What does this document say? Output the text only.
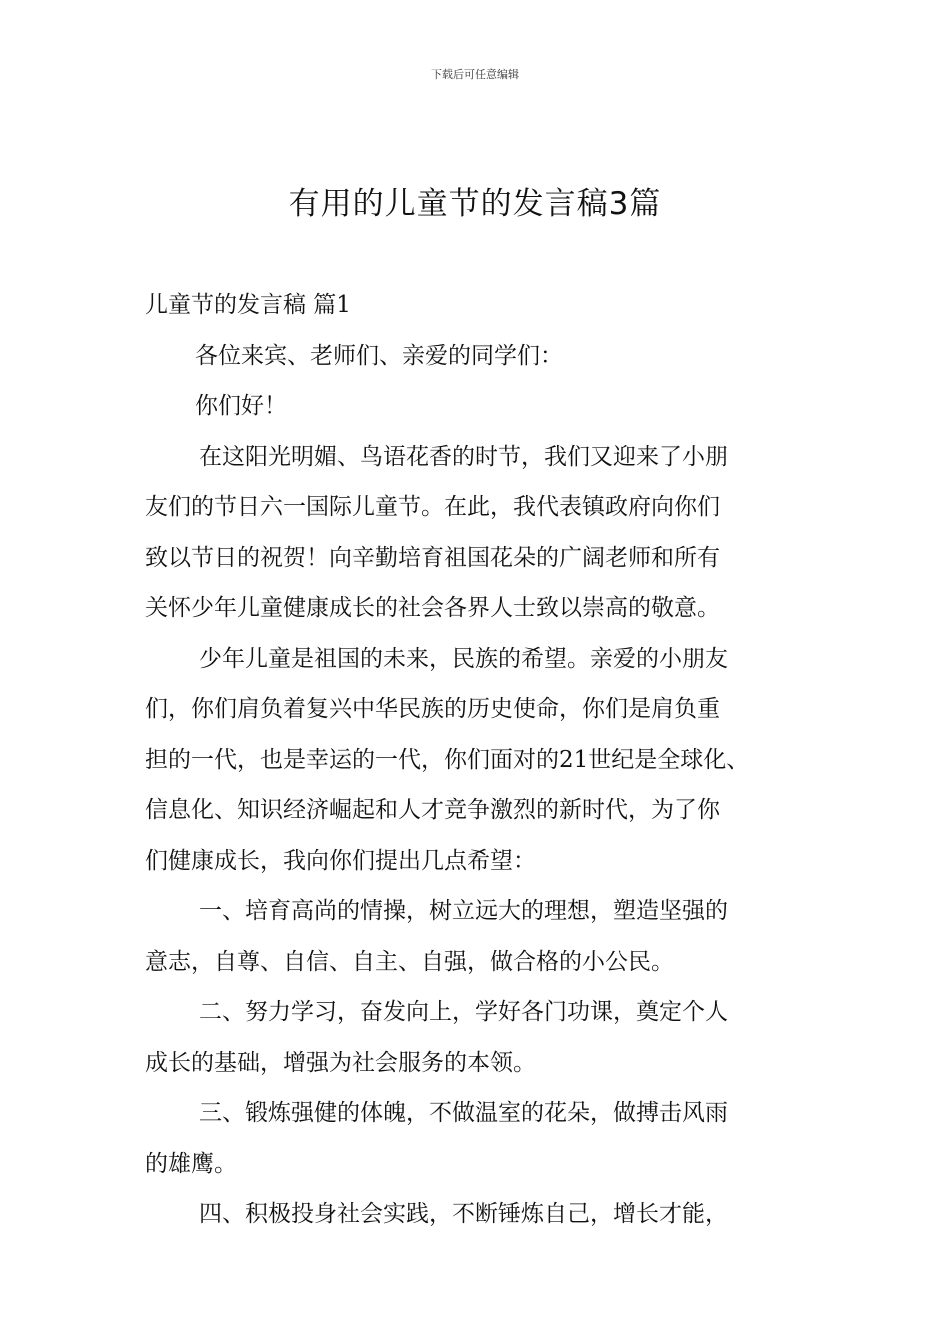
下载后可任意编辑
有用的儿童节的发言稿3篇

儿童节的发言稿 篇1

各位来宾、老师们、亲爱的同学们：

你们好！

在这阳光明媚、鸟语花香的时节，我们又迎来了小朋

友们的节日六一国际儿童节。在此，我代表镇政府向你们

致以节日的祝贺！向辛勤培育祖国花朵的广阔老师和所有

关怀少年儿童健康成长的社会各界人士致以崇高的敬意。

少年儿童是祖国的未来，民族的希望。亲爱的小朋友

们，你们肩负着复兴中华民族的历史使命，你们是肩负重

担的一代，也是幸运的一代，你们面对的21世纪是全球化、

信息化、知识经济崛起和人才竞争激烈的新时代，为了你

们健康成长，我向你们提出几点希望：

一、培育高尚的情操，树立远大的理想，塑造坚强的

意志，自尊、自信、自主、自强，做合格的小公民。

二、努力学习，奋发向上，学好各门功课，奠定个人

成长的基础，增强为社会服务的本领。

三、锻炼强健的体魄，不做温室的花朵，做搏击风雨

的雄鹰。

四、积极投身社会实践，不断锤炼自己，增长才能，
